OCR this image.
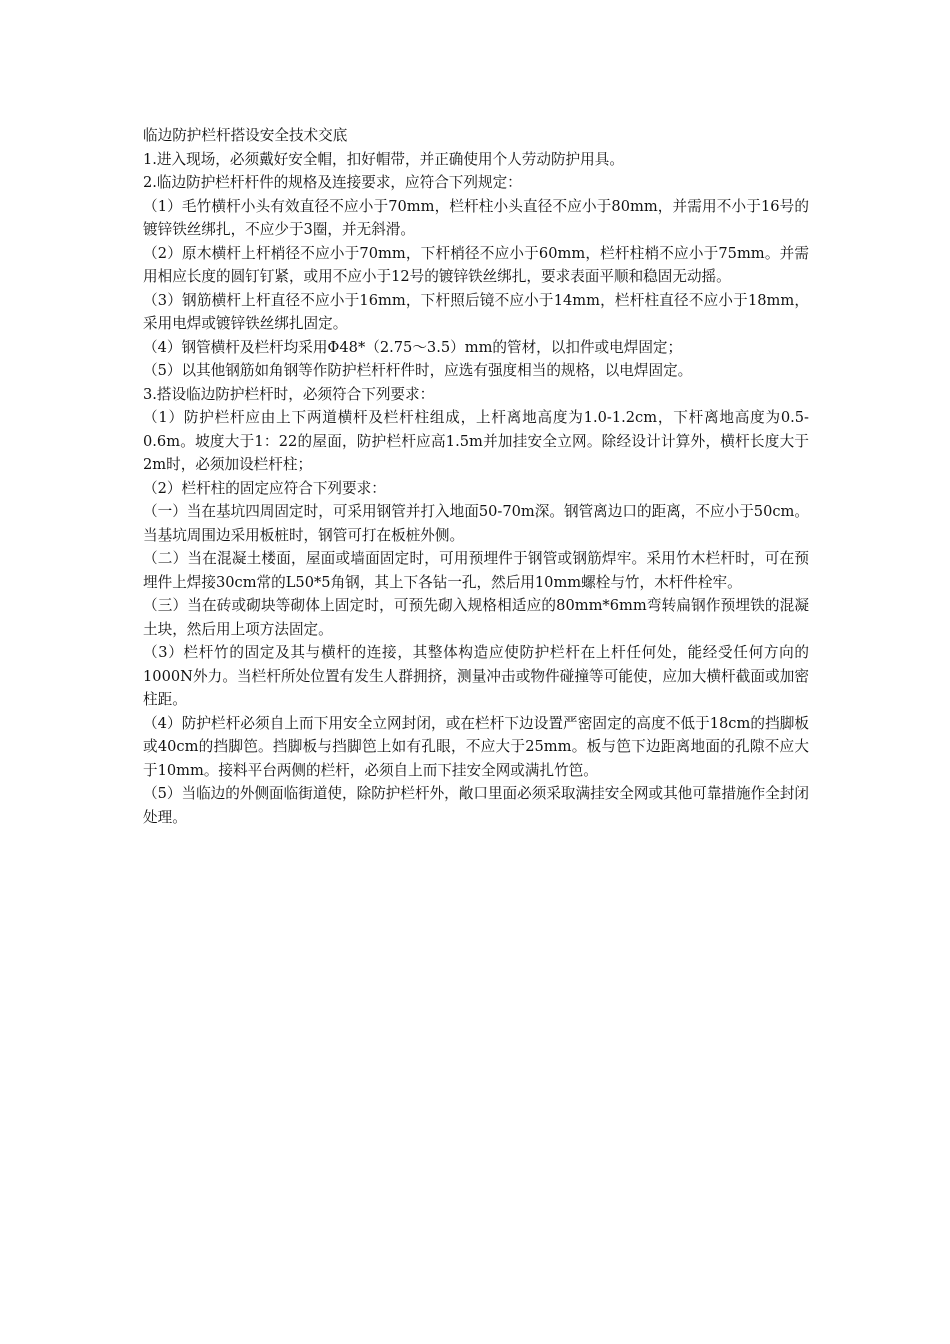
临边防护栏杆搭设安全技术交底

1.进入现场，必须戴好安全帽，扣好帽带，并正确使用个人劳动防护用具。

2.临边防护栏杆杆件的规格及连接要求，应符合下列规定：

（1）毛竹横杆小头有效直径不应小于70mm，栏杆柱小头直径不应小于80mm，并需用不小于16号的镀锌铁丝绑扎，不应少于3圈，并无斜滑。

（2）原木横杆上杆梢径不应小于70mm，下杆梢径不应小于60mm，栏杆柱梢不应小于75mm。并需用相应长度的圆钉钉紧，或用不应小于12号的镀锌铁丝绑扎，要求表面平顺和稳固无动摇。

（3）钢筋横杆上杆直径不应小于16mm，下杆照后镜不应小于14mm，栏杆柱直径不应小于18mm，采用电焊或镀锌铁丝绑扎固定。

（4）钢管横杆及栏杆均采用Φ48*（2.75～3.5）mm的管材，以扣件或电焊固定；

（5）以其他钢筋如角钢等作防护栏杆杆件时，应选有强度相当的规格，以电焊固定。

3.搭设临边防护栏杆时，必须符合下列要求：

（1）防护栏杆应由上下两道横杆及栏杆柱组成，上杆离地高度为1.0-1.2cm，下杆离地高度为0.5-0.6m。坡度大于1：22的屋面，防护栏杆应高1.5m并加挂安全立网。除经设计计算外，横杆长度大于2m时，必须加设栏杆柱；

（2）栏杆柱的固定应符合下列要求：

（一）当在基坑四周固定时，可采用钢管并打入地面50-70m深。钢管离边口的距离，不应小于50cm。当基坑周围边采用板桩时，钢管可打在板桩外侧。

（二）当在混凝土楼面，屋面或墙面固定时，可用预埋件于钢管或钢筋焊牢。采用竹木栏杆时，可在预埋件上焊接30cm常的L50*5角钢，其上下各钻一孔，然后用10mm螺栓与竹，木杆件栓牢。

（三）当在砖或砌块等砌体上固定时，可预先砌入规格相适应的80mm*6mm弯转扁钢作预埋铁的混凝土块，然后用上项方法固定。

（3）栏杆竹的固定及其与横杆的连接，其整体构造应使防护栏杆在上杆任何处，能经受任何方向的1000N外力。当栏杆所处位置有发生人群拥挤，测量冲击或物件碰撞等可能使，应加大横杆截面或加密柱距。

（4）防护栏杆必须自上而下用安全立网封闭，或在栏杆下边设置严密固定的高度不低于18cm的挡脚板或40cm的挡脚笆。挡脚板与挡脚笆上如有孔眼，不应大于25mm。板与笆下边距离地面的孔隙不应大于10mm。接料平台两侧的栏杆，必须自上而下挂安全网或满扎竹笆。

（5）当临边的外侧面临街道使，除防护栏杆外，敞口里面必须采取满挂安全网或其他可靠措施作全封闭处理。
